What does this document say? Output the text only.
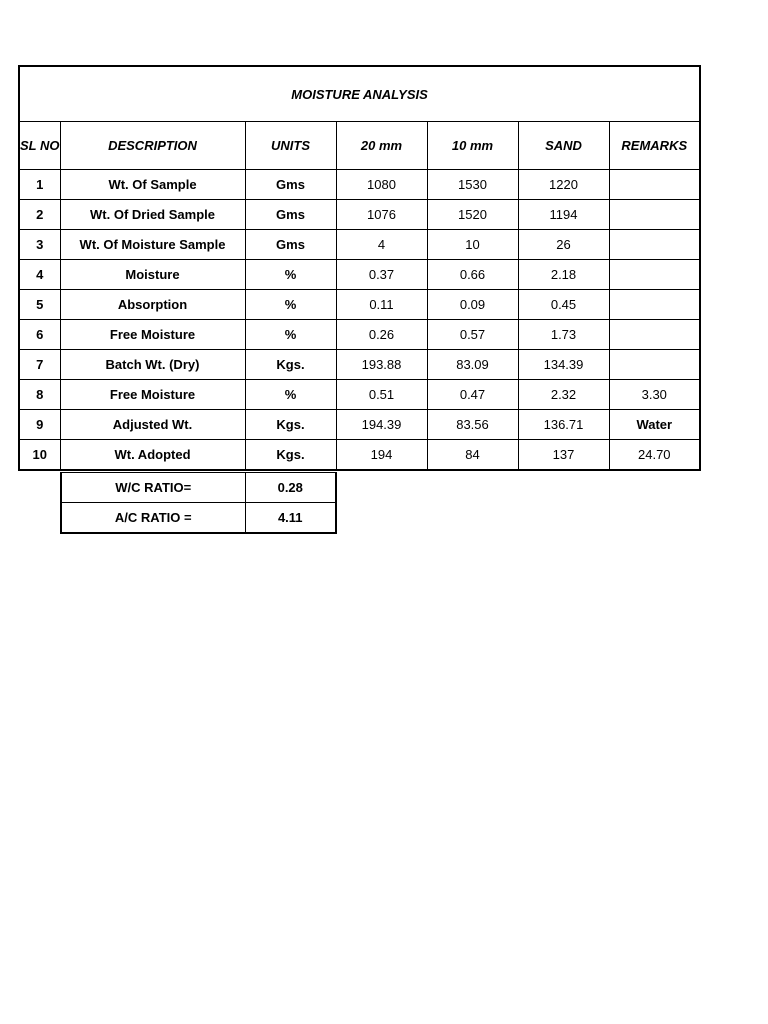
MOISTURE ANALYSIS						
SL NO	DESCRIPTION	UNITS	20 mm	10 mm	SAND	REMARKS
1	Wt. Of Sample	Gms	1080	1530	1220	
2	Wt. Of Dried Sample	Gms	1076	1520	1194	
3	Wt. Of Moisture Sample	Gms	4	10	26	
4	Moisture	%	0.37	0.66	2.18	
5	Absorption	%	0.11	0.09	0.45	
6	Free Moisture	%	0.26	0.57	1.73	
7	Batch Wt. (Dry)	Kgs.	193.88	83.09	134.39	
8	Free Moisture	%	0.51	0.47	2.32	3.30
9	Adjusted Wt.	Kgs.	194.39	83.56	136.71	Water
10	Wt. Adopted	Kgs.	194	84	137	24.70
W/C RATIO=	0.28
A/C RATIO =	4.11
